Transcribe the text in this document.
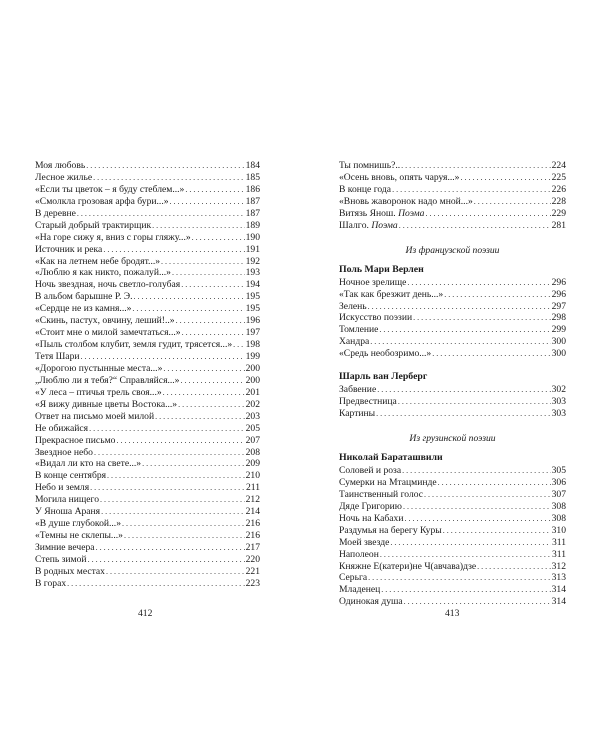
Моя любовь . . .	184
Лесное жилье . . .	185
«Если ты цветок – я буду стеблем...» . . .	186
«Смолкла грозовая арфа бури...» . . .	187
В деревне . . .	187
Старый добрый трактирщик . . .	189
«На горе сижу я, вниз с горы гляжу...» . . .	190
Источник и река . . .	191
«Как на летнем небе бродят...» . . .	192
«Люблю я как никто, пожалуй...» . . .	193
Ночь звездная, ночь светло-голубая . . .	194
В альбом барышне Р. Э. . . .	195
«Сердце не из камня...» . . .	195
«Скинь, пастух, овчину, леший!..» . . .	196
«Стоит мне о милой замечтаться...» . . .	197
«Пыль столбом клубит, земля гудит, трясется...» . . . 198
Тетя Шари . . .	199
«Дорогою пустынные места...» . . .	200
„Люблю ли я тебя?“ Справляйся...» . . .	200
«У леса – птичья трель своя...» . . .	201
«Я вижу дивные цветы Востока...» . . .	202
Ответ на письмо моей милой . . .	203
Не обижайся . . .	205
Прекрасное письмо . . .	207
Звездное небо . . .	208
«Видал ли кто на свете...» . . .	209
В конце сентября . . .	210
Небо и земля . . .	211
Могила нищего . . .	212
У Яноша Араня . . .	214
«В душе глубокой...» . . .	216
«Темны не склепы...» . . .	216
Зимние вечера . . .	217
Степь зимой . . .	220
В родных местах . . .	221
В горах . . .	223
Ты помнишь?.. . . .	224
«Осень вновь, опять чаруя...» . . .	225
В конце года . . .	226
«Вновь жаворонок надо мной...» . . .	228
Витязь Янош. Поэма . . .	229
Шалгo. Поэма . . .	281
Из французской поэзии
Поль Мари Верлен
Ночное зрелище . . .	296
«Так как брезжит день...» . . .	296
Зелень . . .	297
Искусство поэзии . . .	298
Томление . . .	299
Хандра . . .	300
«Средь необозримо...» . . .	300
Шарль ван Лерберг
Забвение . . .	302
Предвестница . . .	303
Картины . . .	303
Из грузинской поэзии
Николай Бараташвили
Соловей и роза . . .	305
Сумерки на Мтацминде . . .	306
Таинственный голос . . .	307
Дяде Григорию . . .	308
Ночь на Кабахи . . .	308
Раздумья на берегу Куры . . .	310
Моей звезде . . .	311
Наполеон . . .	311
Княжне Е(катери)не Ч(авчава)дзе . . .	312
Серьга . . .	313
Младенец . . .	314
Одинокая душа . . .	314
412	413
